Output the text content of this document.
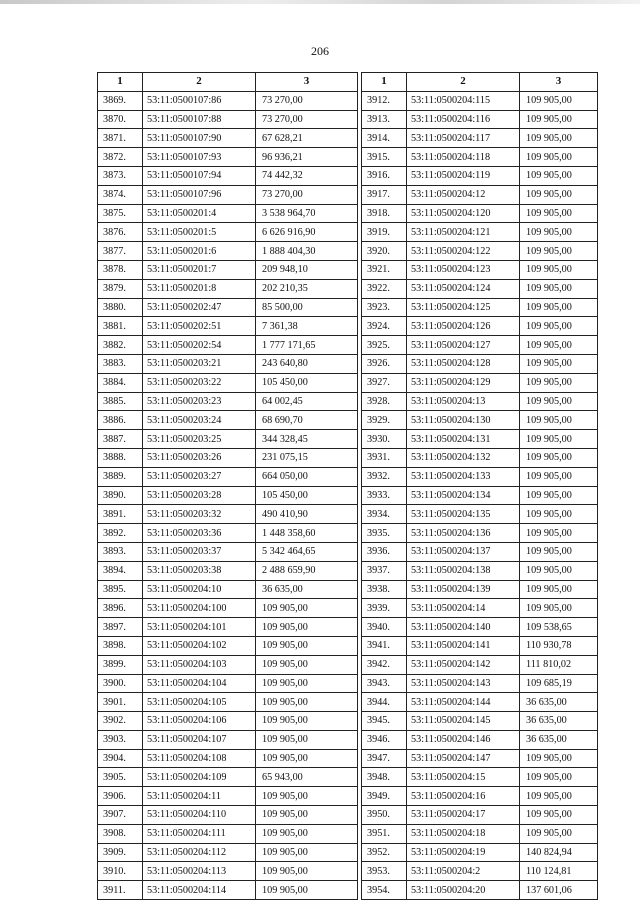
206
1	2	3
3869.	53:11:0500107:86	73 270,00
3870.	53:11:0500107:88	73 270,00
3871.	53:11:0500107:90	67 628,21
3872.	53:11:0500107:93	96 936,21
3873.	53:11:0500107:94	74 442,32
3874.	53:11:0500107:96	73 270,00
3875.	53:11:0500201:4	3 538 964,70
3876.	53:11:0500201:5	6 626 916,90
3877.	53:11:0500201:6	1 888 404,30
3878.	53:11:0500201:7	209 948,10
3879.	53:11:0500201:8	202 210,35
3880.	53:11:0500202:47	85 500,00
3881.	53:11:0500202:51	7 361,38
3882.	53:11:0500202:54	1 777 171,65
3883.	53:11:0500203:21	243 640,80
3884.	53:11:0500203:22	105 450,00
3885.	53:11:0500203:23	64 002,45
3886.	53:11:0500203:24	68 690,70
3887.	53:11:0500203:25	344 328,45
3888.	53:11:0500203:26	231 075,15
3889.	53:11:0500203:27	664 050,00
3890.	53:11:0500203:28	105 450,00
3891.	53:11:0500203:32	490 410,90
3892.	53:11:0500203:36	1 448 358,60
3893.	53:11:0500203:37	5 342 464,65
3894.	53:11:0500203:38	2 488 659,90
3895.	53:11:0500204:10	36 635,00
3896.	53:11:0500204:100	109 905,00
3897.	53:11:0500204:101	109 905,00
3898.	53:11:0500204:102	109 905,00
3899.	53:11:0500204:103	109 905,00
3900.	53:11:0500204:104	109 905,00
3901.	53:11:0500204:105	109 905,00
3902.	53:11:0500204:106	109 905,00
3903.	53:11:0500204:107	109 905,00
3904.	53:11:0500204:108	109 905,00
3905.	53:11:0500204:109	65 943,00
3906.	53:11:0500204:11	109 905,00
3907.	53:11:0500204:110	109 905,00
3908.	53:11:0500204:111	109 905,00
3909.	53:11:0500204:112	109 905,00
3910.	53:11:0500204:113	109 905,00
3911.	53:11:0500204:114	109 905,00
1	2	3
3912.	53:11:0500204:115	109 905,00
3913.	53:11:0500204:116	109 905,00
3914.	53:11:0500204:117	109 905,00
3915.	53:11:0500204:118	109 905,00
3916.	53:11:0500204:119	109 905,00
3917.	53:11:0500204:12	109 905,00
3918.	53:11:0500204:120	109 905,00
3919.	53:11:0500204:121	109 905,00
3920.	53:11:0500204:122	109 905,00
3921.	53:11:0500204:123	109 905,00
3922.	53:11:0500204:124	109 905,00
3923.	53:11:0500204:125	109 905,00
3924.	53:11:0500204:126	109 905,00
3925.	53:11:0500204:127	109 905,00
3926.	53:11:0500204:128	109 905,00
3927.	53:11:0500204:129	109 905,00
3928.	53:11:0500204:13	109 905,00
3929.	53:11:0500204:130	109 905,00
3930.	53:11:0500204:131	109 905,00
3931.	53:11:0500204:132	109 905,00
3932.	53:11:0500204:133	109 905,00
3933.	53:11:0500204:134	109 905,00
3934.	53:11:0500204:135	109 905,00
3935.	53:11:0500204:136	109 905,00
3936.	53:11:0500204:137	109 905,00
3937.	53:11:0500204:138	109 905,00
3938.	53:11:0500204:139	109 905,00
3939.	53:11:0500204:14	109 905,00
3940.	53:11:0500204:140	109 538,65
3941.	53:11:0500204:141	110 930,78
3942.	53:11:0500204:142	111 810,02
3943.	53:11:0500204:143	109 685,19
3944.	53:11:0500204:144	36 635,00
3945.	53:11:0500204:145	36 635,00
3946.	53:11:0500204:146	36 635,00
3947.	53:11:0500204:147	109 905,00
3948.	53:11:0500204:15	109 905,00
3949.	53:11:0500204:16	109 905,00
3950.	53:11:0500204:17	109 905,00
3951.	53:11:0500204:18	109 905,00
3952.	53:11:0500204:19	140 824,94
3953.	53:11:0500204:2	110 124,81
3954.	53:11:0500204:20	137 601,06
